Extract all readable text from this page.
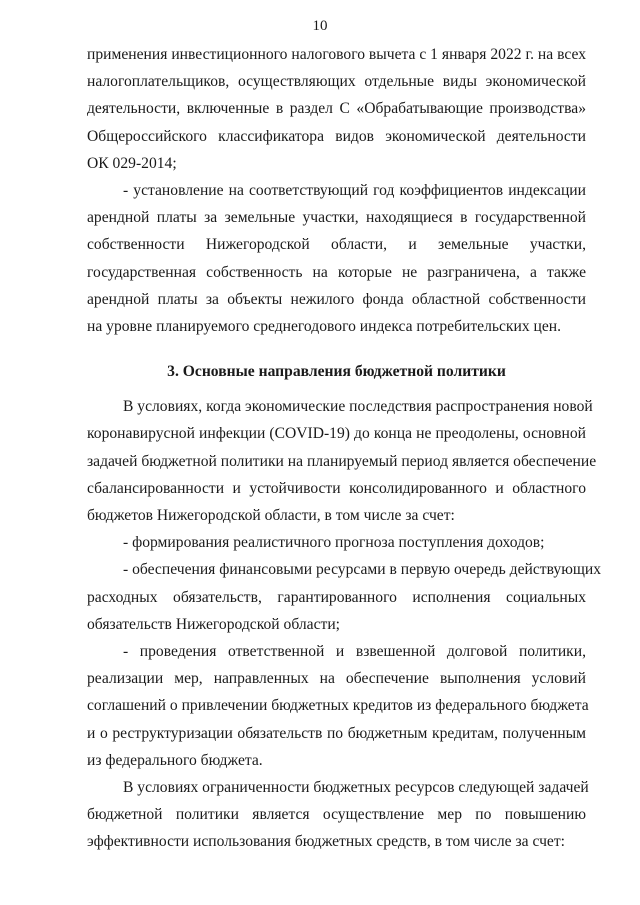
10
применения инвестиционного налогового вычета с 1 января 2022 г. на всех
налогоплательщиков, осуществляющих отдельные виды экономической
деятельности, включенные в раздел С «Обрабатывающие производства»
Общероссийского классификатора видов экономической деятельности
ОК 029-2014;
- установление на соответствующий год коэффициентов индексации
арендной платы за земельные участки, находящиеся в государственной
собственности Нижегородской области, и земельные участки,
государственная собственность на которые не разграничена, а также
арендной платы за объекты нежилого фонда областной собственности
на уровне планируемого среднегодового индекса потребительских цен.
3. Основные направления бюджетной политики
В условиях, когда экономические последствия распространения новой
коронавирусной инфекции (COVID-19) до конца не преодолены, основной
задачей бюджетной политики на планируемый период является обеспечение
сбалансированности и устойчивости консолидированного и областного
бюджетов Нижегородской области, в том числе за счет:
- формирования реалистичного прогноза поступления доходов;
- обеспечения финансовыми ресурсами в первую очередь действующих
расходных обязательств, гарантированного исполнения социальных
обязательств Нижегородской области;
- проведения ответственной и взвешенной долговой политики,
реализации мер, направленных на обеспечение выполнения условий
соглашений о привлечении бюджетных кредитов из федерального бюджета
и о реструктуризации обязательств по бюджетным кредитам, полученным
из федерального бюджета.
В условиях ограниченности бюджетных ресурсов следующей задачей
бюджетной политики является осуществление мер по повышению
эффективности использования бюджетных средств, в том числе за счет:
